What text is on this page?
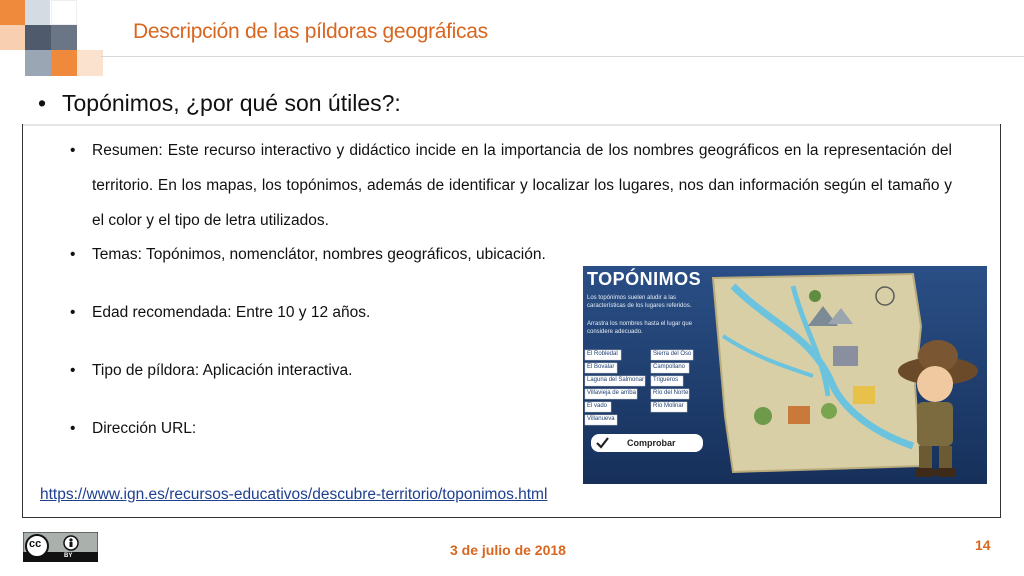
Descripción de las píldoras geográficas
• Topónimos, ¿por qué son útiles?:
• Resumen: Este recurso interactivo y didáctico incide en la importancia de los nombres geográficos en la representación del territorio. En los mapas, los topónimos, además de identificar y localizar los lugares, nos dan información según el tamaño y el color y el tipo de letra utilizados.
• Temas: Topónimos, nomenclátor, nombres geográficos, ubicación.
• Edad recomendada: Entre 10 y 12 años.
• Tipo de píldora: Aplicación interactiva.
• Dirección URL:
https://www.ign.es/recursos-educativos/descubre-territorio/toponimos.html
TOPÓNIMOS
Los topónimos suelen aludir a las características de los lugares referidos.
Arrastra los nombres hasta el lugar que considere adecuado.
El Robledal
El Bovalar
Laguna del Salmonar
Villavieja de arriba
El vado
Villanueva
Sierra del Oso
Campollano
Trigueros
Río del Norte
Río Molinar
Comprobar
cc
BY	3 de julio de 2018	14
